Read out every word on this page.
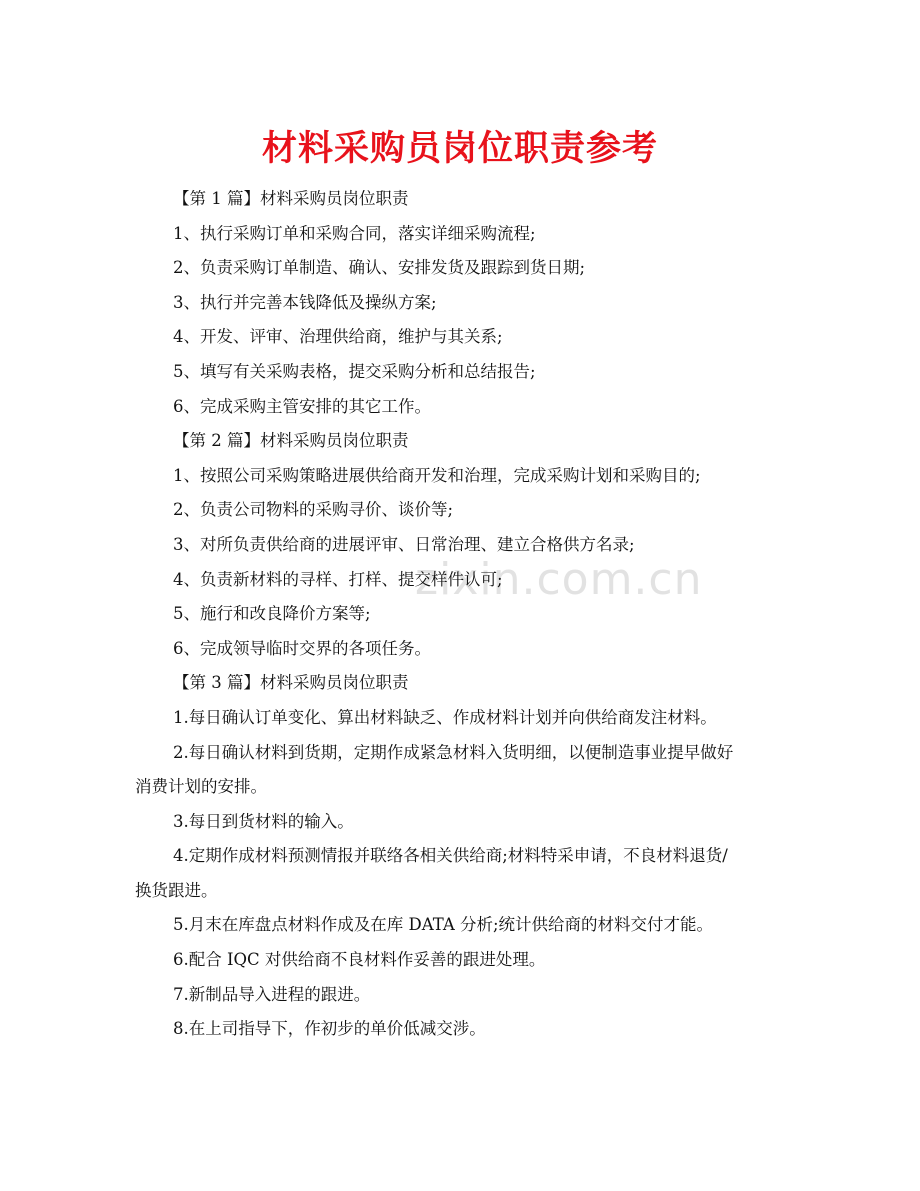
zixin.com.cn
材料采购员岗位职责参考
【第 1 篇】材料采购员岗位职责
1、执行采购订单和采购合同，落实详细采购流程;
2、负责采购订单制造、确认、安排发货及跟踪到货日期;
3、执行并完善本钱降低及操纵方案;
4、开发、评审、治理供给商，维护与其关系;
5、填写有关采购表格，提交采购分析和总结报告;
6、完成采购主管安排的其它工作。
【第 2 篇】材料采购员岗位职责
1、按照公司采购策略进展供给商开发和治理，完成采购计划和采购目的;
2、负责公司物料的采购寻价、谈价等;
3、对所负责供给商的进展评审、日常治理、建立合格供方名录;
4、负责新材料的寻样、打样、提交样件认可;
5、施行和改良降价方案等;
6、完成领导临时交界的各项任务。
【第 3 篇】材料采购员岗位职责
1.每日确认订单变化、算出材料缺乏、作成材料计划并向供给商发注材料。
2.每日确认材料到货期，定期作成紧急材料入货明细，以便制造事业提早做好
消费计划的安排。
3.每日到货材料的输入。
4.定期作成材料预测情报并联络各相关供给商;材料特采申请，不良材料退货/
换货跟进。
5.月末在库盘点材料作成及在库 DATA 分析;统计供给商的材料交付才能。
6.配合 IQC 对供给商不良材料作妥善的跟进处理。
7.新制品导入进程的跟进。
8.在上司指导下，作初步的单价低减交涉。
